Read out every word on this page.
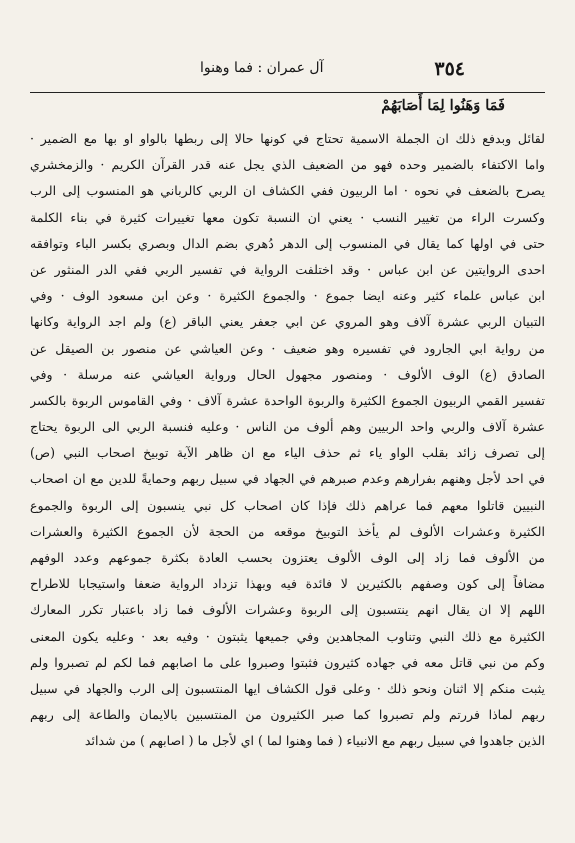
٣٥٤
آل عمران : فما وهنوا
فَمَا وَهَنُوا لِمَا أَصَابَهُمْ
لقائل وبدفع ذلك ان الجملة الاسمية تحتاج في كونها حالا إلى ربطها بالواو او بها مع الضمير ·
واما الاكتفاء بالضمير وحده فهو من الضعيف الذي يجل عنه قدر القرآن الكريم · والزمخشري
يصرح بالضعف في نحوه · اما الربيون ففي الكشاف ان الربي كالرباني هو المنسوب إلى الرب
وكسرت الراء من تغيير النسب · يعني ان النسبة تكون معها تغييرات كثيرة في بناء الكلمة
حتى في اولها كما يقال في المنسوب إلى الدهر دُهري بضم الدال وبصري بكسر الباء وتوافقه
احدى الروايتين عن ابن عباس · وقد اختلفت الرواية في تفسير الربي ففي الدر المنثور عن
ابن عباس علماء كثير وعنه ايضا جموع · والجموع الكثيرة · وعن ابن مسعود الوف · وفي
التبيان الربي عشرة آلاف وهو المروي عن ابي جعفر يعني الباقر (ع) ولم اجد الرواية وكانها
من رواية ابي الجارود في تفسيره وهو ضعيف · وعن العياشي عن منصور بن الصيقل عن
الصادق (ع) الوف الألوف · ومنصور مجهول الحال ورواية العياشي عنه مرسلة · وفي
تفسير القمي الربيون الجموع الكثيرة والربوة الواحدة عشرة آلاف · وفي القاموس الربوة بالكسر
عشرة آلاف والربي واحد الربيين وهم ألوف من الناس · وعليه فنسبة الربي الى الربوة يحتاج
إلى تصرف زائد بقلب الواو ياء ثم حذف الياء مع ان ظاهر الآية توبيخ اصحاب النبي (ص)
في احد لأجل وهنهم بفرارهم وعدم صبرهم في الجهاد في سبيل ربهم وحمايةً للدين مع ان اصحاب
النبيين قاتلوا معهم فما عراهم ذلك فإذا كان اصحاب كل نبي ينسبون إلى الربوة والجموع
الكثيرة وعشرات الألوف لم يأخذ التوبيخ موقعه من الحجة لأن الجموع الكثيرة والعشرات
من الألوف فما زاد إلى الوف الألوف يعتزون بحسب العادة بكثرة جموعهم وعدد الوفهم
مضافاً إلى كون وصفهم بالكثيرين لا فائدة فيه وبهذا تزداد الرواية ضعفا واستيجابا للاطراح
اللهم إلا ان يقال انهم ينتسبون إلى الربوة وعشرات الألوف فما زاد باعتبار تكرر المعارك
الكثيرة مع ذلك النبي وتناوب المجاهدين وفي جميعها يثبتون · وفيه بعد · وعليه يكون المعنى
وكم من نبي قاتل معه في جهاده كثيرون فثبتوا وصبروا على ما اصابهم فما لكم لم تصبروا ولم
يثبت منكم إلا اثنان ونحو ذلك · وعلى قول الكشاف ايها المنتسبون إلى الرب والجهاد في سبيل
ربهم لماذا فررتم ولم تصبروا كما صبر الكثيرون من المنتسبين بالايمان والطاعة إلى ربهم
الذين جاهدوا في سبيل ربهم مع الانبياء ( فما وهنوا لما ) اي لأجل ما ( اصابهم ) من شدائد
